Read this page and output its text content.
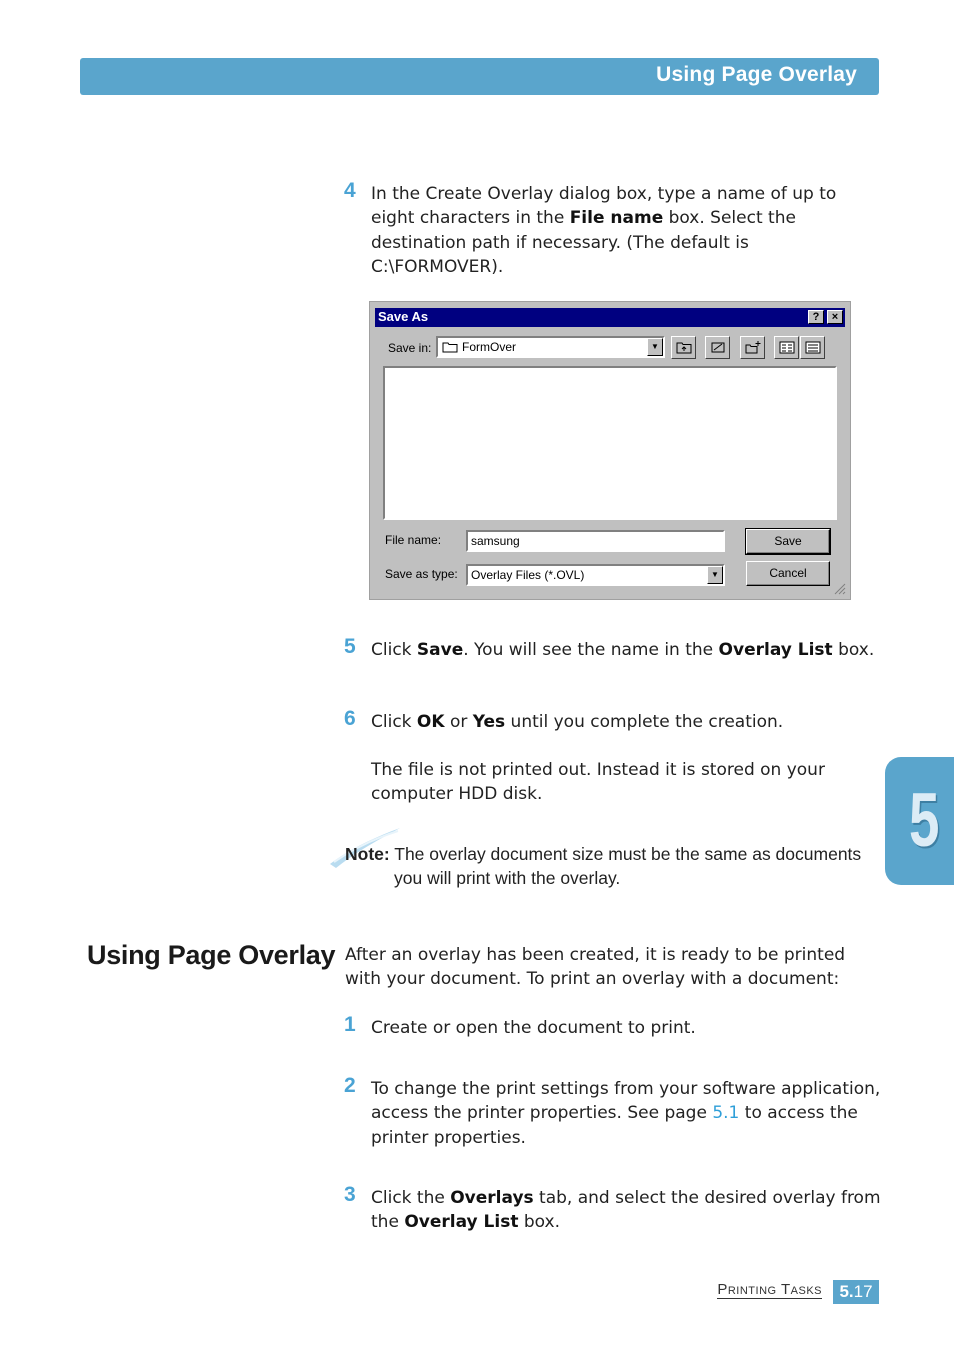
Using Page Overlay
4 In the Create Overlay dialog box, type a name of up to eight characters in the File name box. Select the destination path if necessary. (The default is C:\FORMOVER).
Save As	?	×
Save in:	FormOver	▼
File name: samsung
Save as type: Overlay Files (*.OVL)	▼
Save
Cancel
5 Click Save. You will see the name in the Overlay List box.
6 Click OK or Yes until you complete the creation.
The file is not printed out. Instead it is stored on your computer HDD disk.
Note: The overlay document size must be the same as documents
you will print with the overlay.
Using Page Overlay After an overlay has been created, it is ready to be printed with your document. To print an overlay with a document:
1 Create or open the document to print.
2 To change the print settings from your software application, access the printer properties. See page 5.1 to access the printer properties.
3 Click the Overlays tab, and select the desired overlay from the Overlay List box.
5
Printing Tasks	5.17
